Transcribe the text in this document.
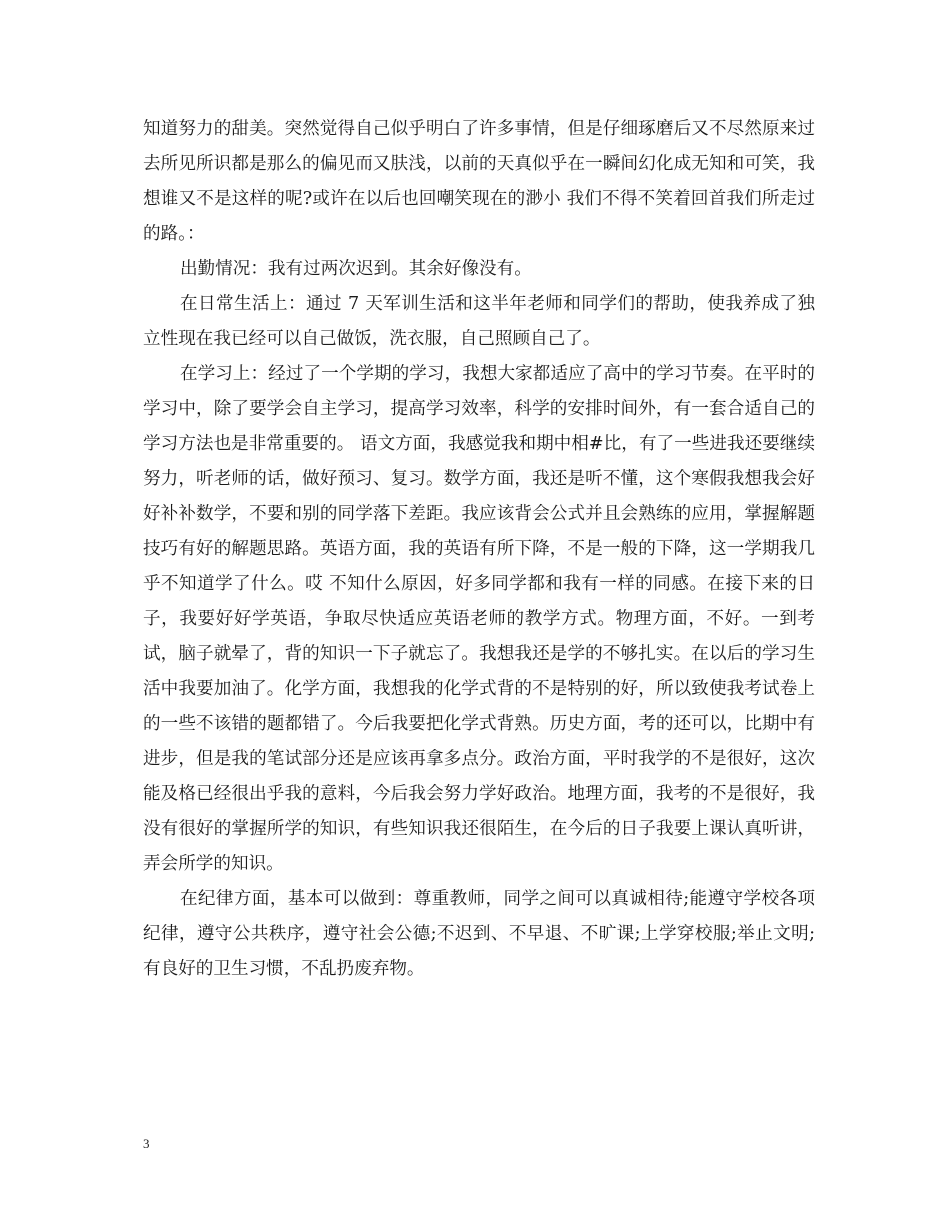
知道努力的甜美。突然觉得自己似乎明白了许多事情，但是仔细琢磨后又不尽然原来过去所见所识都是那么的偏见而又肤浅，以前的天真似乎在一瞬间幻化成无知和可笑，我想谁又不是这样的呢?或许在以后也回嘲笑现在的渺小 我们不得不笑着回首我们所走过的路。：

出勤情况：我有过两次迟到。其余好像没有。

在日常生活上：通过 7 天军训生活和这半年老师和同学们的帮助，使我养成了独立性现在我已经可以自己做饭，洗衣服，自己照顾自己了。

在学习上：经过了一个学期的学习，我想大家都适应了高中的学习节奏。在平时的学习中，除了要学会自主学习，提高学习效率，科学的安排时间外，有一套合适自己的学习方法也是非常重要的。 语文方面，我感觉我和期中相#比，有了一些进我还要继续努力，听老师的话，做好预习、复习。数学方面，我还是听不懂，这个寒假我想我会好好补补数学，不要和别的同学落下差距。我应该背会公式并且会熟练的应用，掌握解题技巧有好的解题思路。英语方面，我的英语有所下降，不是一般的下降，这一学期我几乎不知道学了什么。哎 不知什么原因，好多同学都和我有一样的同感。在接下来的日子，我要好好学英语，争取尽快适应英语老师的教学方式。物理方面，不好。一到考试，脑子就晕了，背的知识一下子就忘了。我想我还是学的不够扎实。在以后的学习生活中我要加油了。化学方面，我想我的化学式背的不是特别的好，所以致使我考试卷上的一些不该错的题都错了。今后我要把化学式背熟。历史方面，考的还可以，比期中有进步，但是我的笔试部分还是应该再拿多点分。政治方面，平时我学的不是很好，这次能及格已经很出乎我的意料，今后我会努力学好政治。地理方面，我考的不是很好，我没有很好的掌握所学的知识，有些知识我还很陌生，在今后的日子我要上课认真听讲，弄会所学的知识。

在纪律方面，基本可以做到：尊重教师，同学之间可以真诚相待;能遵守学校各项纪律，遵守公共秩序，遵守社会公德;不迟到、不早退、不旷课;上学穿校服;举止文明; 有良好的卫生习惯，不乱扔废弃物。

3
